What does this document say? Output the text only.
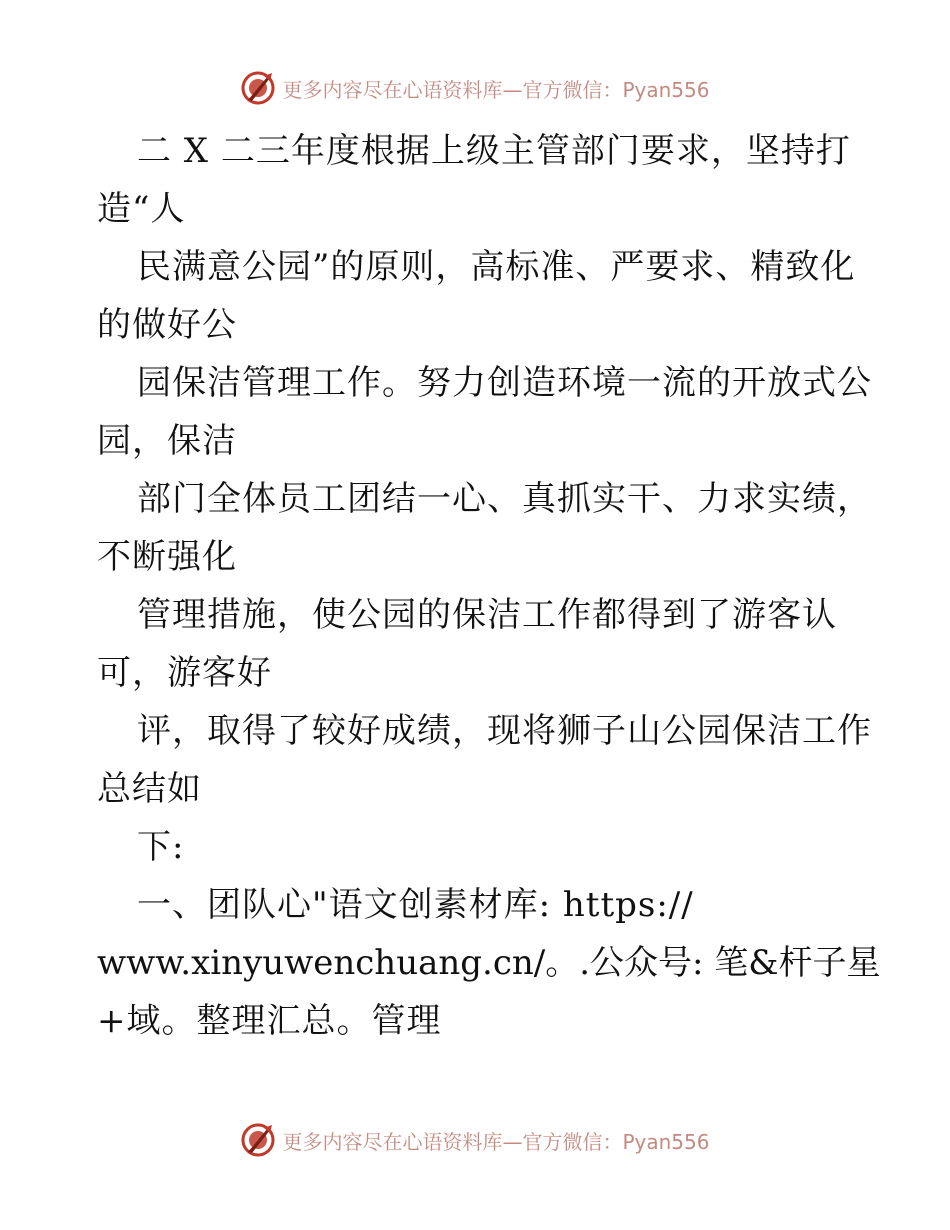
更多内容尽在心语资料库—官方微信：Pyan556
二 X 二三年度根据上级主管部门要求，坚持打
造“人
民满意公园”的原则，高标准、严要求、精致化
的做好公
园保洁管理工作。努力创造环境一流的开放式公
园，保洁
部门全体员工团结一心、真抓实干、力求实绩，
不断强化
管理措施，使公园的保洁工作都得到了游客认
可，游客好
评，取得了较好成绩，现将狮子山公园保洁工作
总结如
下:
一、团队心"语文创素材库: https://
www.xinyuwenchuang.cn/。.公众号: 笔&杆子星
+域。整理汇总。管理
更多内容尽在心语资料库—官方微信：Pyan556
